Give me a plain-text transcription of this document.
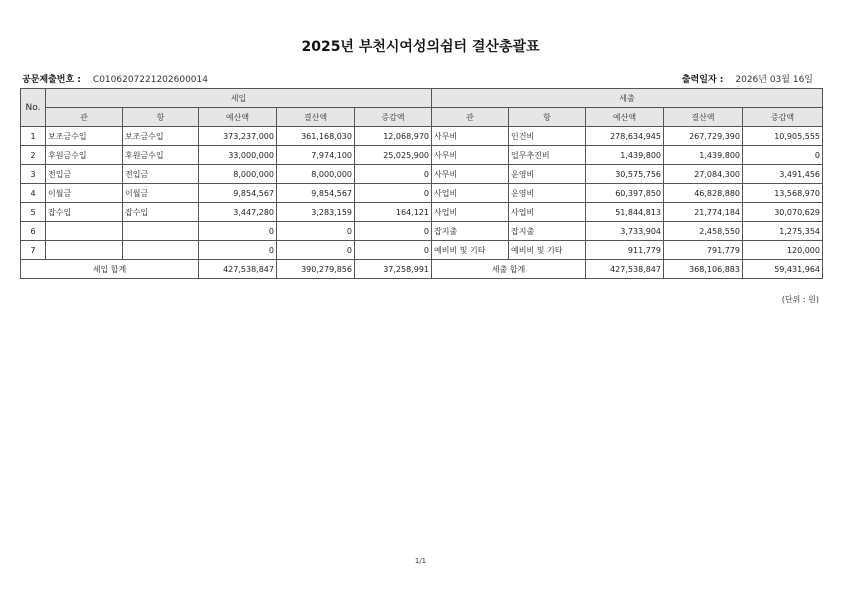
2025년 부천시여성의쉼터 결산총괄표
공문제출번호 : C0106207221202600014	출력일자 : 2026년 03월 16일
No.	세입					세출				
	관	항	예산액	결산액	증감액	관	항	예산액	결산액	증감액
1	보조금수입	보조금수입	373,237,000	361,168,030	12,068,970	사무비	인건비	278,634,945	267,729,390	10,905,555
2	후원금수입	후원금수입	33,000,000	7,974,100	25,025,900	사무비	업무추진비	1,439,800	1,439,800	0
3	전입금	전입금	8,000,000	8,000,000	0	사무비	운영비	30,575,756	27,084,300	3,491,456
4	이월금	이월금	9,854,567	9,854,567	0	사업비	운영비	60,397,850	46,828,880	13,568,970
5	잡수입	잡수입	3,447,280	3,283,159	164,121	사업비	사업비	51,844,813	21,774,184	30,070,629
6			0	0	0	잡지출	잡지출	3,733,904	2,458,550	1,275,354
7			0	0	0	예비비 및 기타	예비비 및 기타	911,779	791,779	120,000
세입 합계			427,538,847	390,279,856	37,258,991	세출 합계		427,538,847	368,106,883	59,431,964
(단위 : 원)
1/1
